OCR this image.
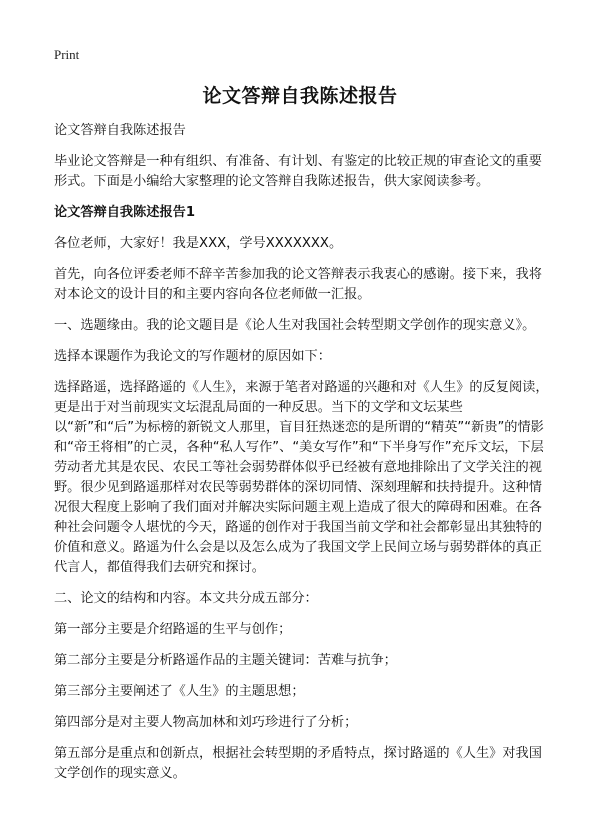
Print
论文答辩自我陈述报告

论文答辩自我陈述报告

毕业论文答辩是一种有组织、有准备、有计划、有鉴定的比较正规的审查论文的重要形式。下面是小编给大家整理的论文答辩自我陈述报告，供大家阅读参考。

论文答辩自我陈述报告1

各位老师，大家好！我是XXX，学号XXXXXXX。

首先，向各位评委老师不辞辛苦参加我的论文答辩表示我衷心的感谢。接下来，我将对本论文的设计目的和主要内容向各位老师做一汇报。

一、选题缘由。我的论文题目是《论人生对我国社会转型期文学创作的现实意义》。

选择本课题作为我论文的写作题材的原因如下：

选择路遥，选择路遥的《人生》，来源于笔者对路遥的兴趣和对《人生》的反复阅读，更是出于对当前现实文坛混乱局面的一种反思。当下的文学和文坛某些以“新”和“后”为标榜的新锐文人那里，盲目狂热迷恋的是所谓的“精英”“新贵”的情影和“帝王将相”的亡灵，各种“私人写作”、“美女写作”和“下半身写作”充斥文坛，下层劳动者尤其是农民、农民工等社会弱势群体似乎已经被有意地排除出了文学关注的视野。很少见到路遥那样对农民等弱势群体的深切同情、深刻理解和扶持提升。这种情况很大程度上影响了我们面对并解决实际问题主观上造成了很大的障碍和困难。在各种社会问题令人堪忧的今天，路遥的创作对于我国当前文学和社会都彰显出其独特的价值和意义。路遥为什么会是以及怎么成为了我国文学上民间立场与弱势群体的真正代言人，都值得我们去研究和探讨。

二、论文的结构和内容。本文共分成五部分：

第一部分主要是介绍路遥的生平与创作；

第二部分主要是分析路遥作品的主题关键词：苦难与抗争；

第三部分主要阐述了《人生》的主题思想；

第四部分是对主要人物高加林和刘巧珍进行了分析；

第五部分是重点和创新点，根据社会转型期的矛盾特点，探讨路遥的《人生》对我国文学创作的现实意义。
